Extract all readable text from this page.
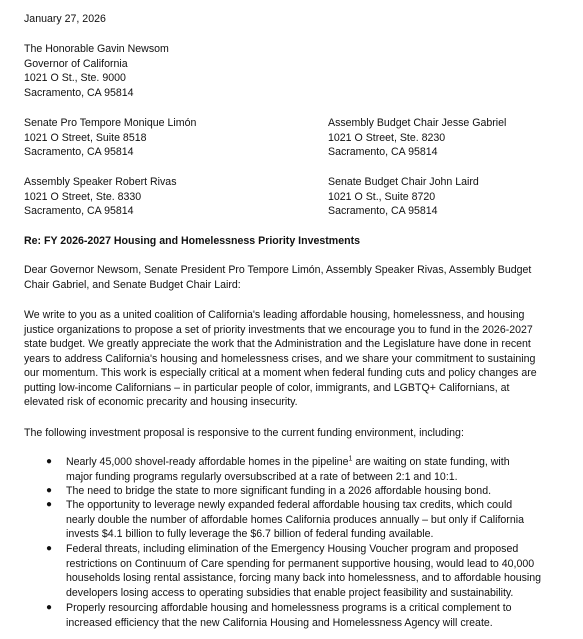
January 27, 2026
The Honorable Gavin Newsom
Governor of California
1021 O St., Ste. 9000
Sacramento, CA 95814
Senate Pro Tempore Monique Limón
1021 O Street, Suite 8518
Sacramento, CA 95814
Assembly Budget Chair Jesse Gabriel
1021 O Street, Ste. 8230
Sacramento, CA 95814
Assembly Speaker Robert Rivas
1021 O Street, Ste. 8330
Sacramento, CA 95814
Senate Budget Chair John Laird
1021 O St., Suite 8720
Sacramento, CA 95814
Re: FY 2026-2027 Housing and Homelessness Priority Investments
Dear Governor Newsom, Senate President Pro Tempore Limón, Assembly Speaker Rivas, Assembly Budget
Chair Gabriel, and Senate Budget Chair Laird:
We write to you as a united coalition of California's leading affordable housing, homelessness, and housing
justice organizations to propose a set of priority investments that we encourage you to fund in the 2026-2027
state budget. We greatly appreciate the work that the Administration and the Legislature have done in recent
years to address California's housing and homelessness crises, and we share your commitment to sustaining
our momentum. This work is especially critical at a moment when federal funding cuts and policy changes are
putting low-income Californians – in particular people of color, immigrants, and LGBTQ+ Californians, at
elevated risk of economic precarity and housing insecurity.
The following investment proposal is responsive to the current funding environment, including:
● Nearly 45,000 shovel-ready affordable homes in the pipeline$^1$ are waiting on state funding, with
major funding programs regularly oversubscribed at a rate of between 2:1 and 10:1.
● The need to bridge the state to more significant funding in a 2026 affordable housing bond.
● The opportunity to leverage newly expanded federal affordable housing tax credits, which could
nearly double the number of affordable homes California produces annually – but only if California
invests $4.1 billion to fully leverage the $6.7 billion of federal funding available.
● Federal threats, including elimination of the Emergency Housing Voucher program and proposed
restrictions on Continuum of Care spending for permanent supportive housing, would lead to 40,000
households losing rental assistance, forcing many back into homelessness, and to affordable housing
developers losing access to operating subsidies that enable project feasibility and sustainability.
● Properly resourcing affordable housing and homelessness programs is a critical complement to
increased efficiency that the new California Housing and Homelessness Agency will create.
